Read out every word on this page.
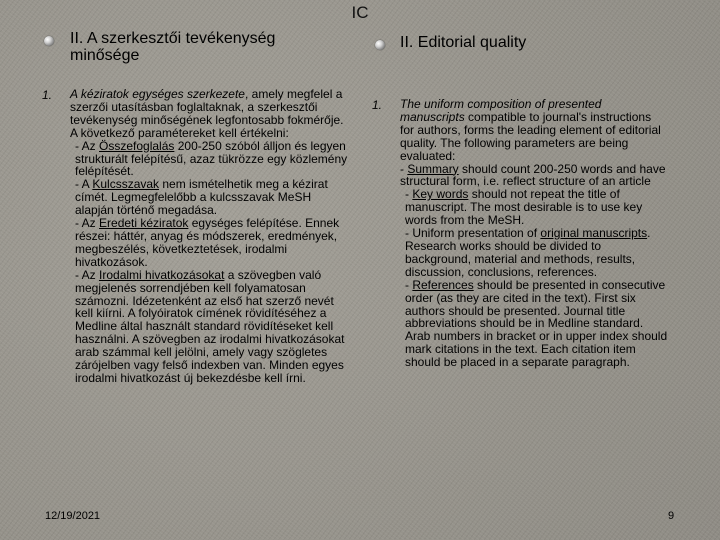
IC
II. A szerkesztői tevékenység minősége
1. A kéziratok egységes szerkezete, amely megfelel a szerzői utasításban foglaltaknak, a szerkesztői tevékenység minőségének legfontosabb fokmérője. A következő paramétereket kell értékelni:

- Az Összefoglalás 200-250 szóból álljon és legyen strukturált felépítésű, azaz tükrözze egy közlemény felépítését.

- A Kulcsszavak nem ismételhetik meg a kézirat címét. Legmegfelelőbb a kulcsszavak MeSH alapján történő megadása.

- Az Eredeti kéziratok egységes felépítése. Ennek részei: háttér, anyag és módszerek, eredmények, megbeszélés, következtetések, irodalmi hivatkozások.

- Az Irodalmi hivatkozásokat a szövegben való megjelenés sorrendjében kell folyamatosan számozni. Idézetenként az első hat szerző nevét kell kiírni. A folyóiratok címének rövidítéséhez a Medline által használt standard rövidítéseket kell használni. A szövegben az irodalmi hivatkozásokat arab számmal kell jelölni, amely vagy szögletes zárójelben vagy felső indexben van. Minden egyes irodalmi hivatkozást új bekezdésbe kell írni.

II. Editorial quality
1. The uniform composition of presented manuscripts compatible to journal's instructions for authors, forms the leading element of editorial quality. The following parameters are being evaluated:

- Summary should count 200-250 words and have structural form, i.e. reflect structure of an article

- Key words should not repeat the title of manuscript. The most desirable is to use key words from the MeSH.

- Uniform presentation of original manuscripts. Research works should be divided to background, material and methods, results, discussion, conclusions, references.

- References should be presented in consecutive order (as they are cited in the text). First six authors should be presented. Journal title abbreviations should be in Medline standard. Arab numbers in bracket or in upper index should mark citations in the text. Each citation item should be placed in a separate paragraph.

12/19/2021	9
